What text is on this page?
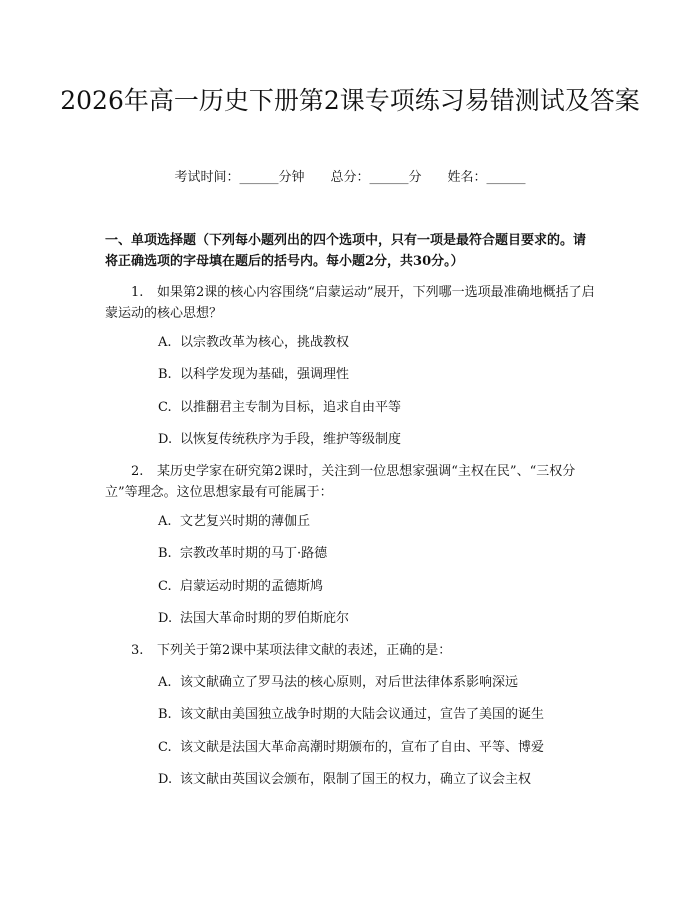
2026年高一历史下册第2课专项练习易错测试及答案
考试时间：______分钟 总分：______分 姓名：______
一、单项选择题（下列每小题列出的四个选项中，只有一项是最符合题目要求的。请将正确选项的字母填在题后的括号内。每小题2分，共30分。）
1. 如果第2课的核心内容围绕“启蒙运动”展开，下列哪一选项最准确地概括了启蒙运动的核心思想？
A. 以宗教改革为核心，挑战教权
B. 以科学发现为基础，强调理性
C. 以推翻君主专制为目标，追求自由平等
D. 以恢复传统秩序为手段，维护等级制度
2. 某历史学家在研究第2课时，关注到一位思想家强调“主权在民”、“三权分立”等理念。这位思想家最有可能属于：
A. 文艺复兴时期的薄伽丘
B. 宗教改革时期的马丁·路德
C. 启蒙运动时期的孟德斯鸠
D. 法国大革命时期的罗伯斯庇尔
3. 下列关于第2课中某项法律文献的表述，正确的是：
A. 该文献确立了罗马法的核心原则，对后世法律体系影响深远
B. 该文献由美国独立战争时期的大陆会议通过，宣告了美国的诞生
C. 该文献是法国大革命高潮时期颁布的，宣布了自由、平等、博爱
D. 该文献由英国议会颁布，限制了国王的权力，确立了议会主权
